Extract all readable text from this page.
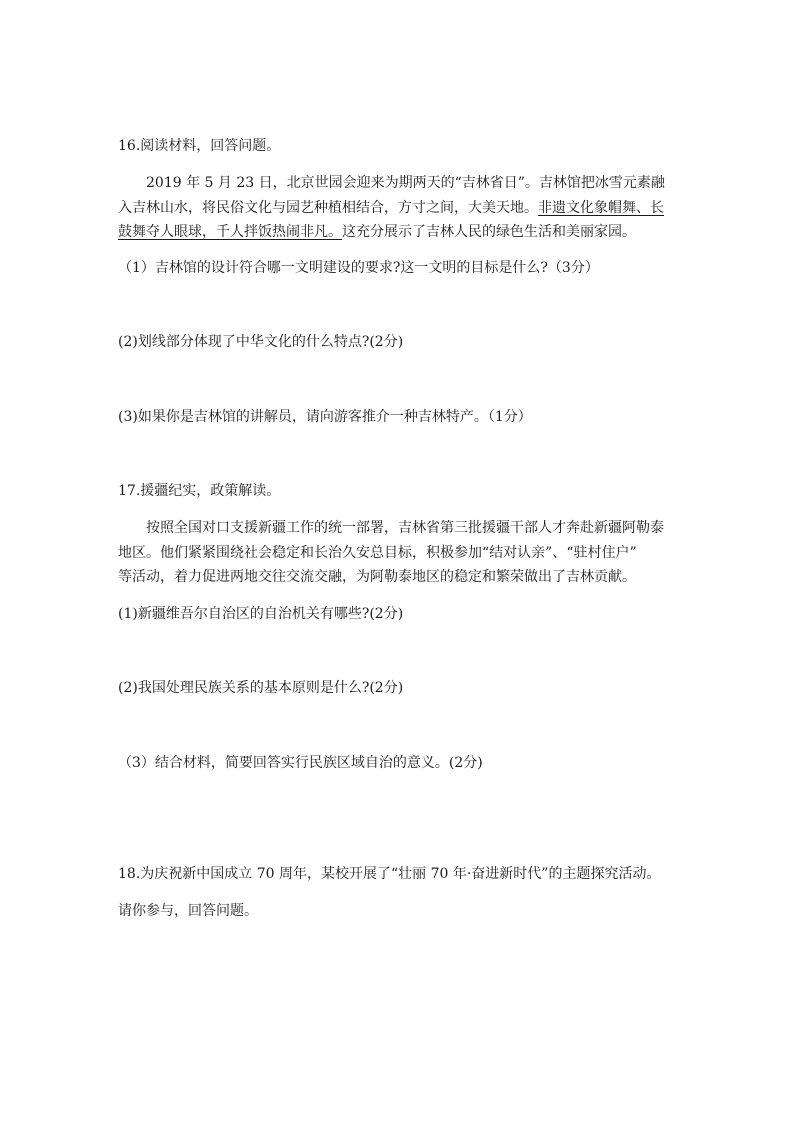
16.阅读材料，回答问题。
2019 年 5 月 23 日，北京世园会迎来为期两天的“吉林省日”。吉林馆把冰雪元素融
入吉林山水，将民俗文化与园艺种植相结合，方寸之间，大美天地。非遗文化象帽舞、长
鼓舞夺人眼球，千人拌饭热闹非凡。这充分展示了吉林人民的绿色生活和美丽家园。
（1）吉林馆的设计符合哪一文明建设的要求?这一文明的目标是什么?（3分）
(2)划线部分体现了中华文化的什么特点?(2分)
(3)如果你是吉林馆的讲解员，请向游客推介一种吉林特产。（1分）
17.援疆纪实，政策解读。
按照全国对口支援新疆工作的统一部署，吉林省第三批援疆干部人才奔赴新疆阿勒泰
地区。他们紧紧围绕社会稳定和长治久安总目标，积极参加“结对认亲”、“驻村住户”
等活动，着力促进两地交往交流交融，为阿勒泰地区的稳定和繁荣做出了吉林贡献。
(1)新疆维吾尔自治区的自治机关有哪些?(2分)
(2)我国处理民族关系的基本原则是什么?(2分)
（3）结合材料，简要回答实行民族区域自治的意义。(2分)
18.为庆祝新中国成立 70 周年，某校开展了“壮丽 70 年·奋进新时代”的主题探究活动。
请你参与，回答问题。
